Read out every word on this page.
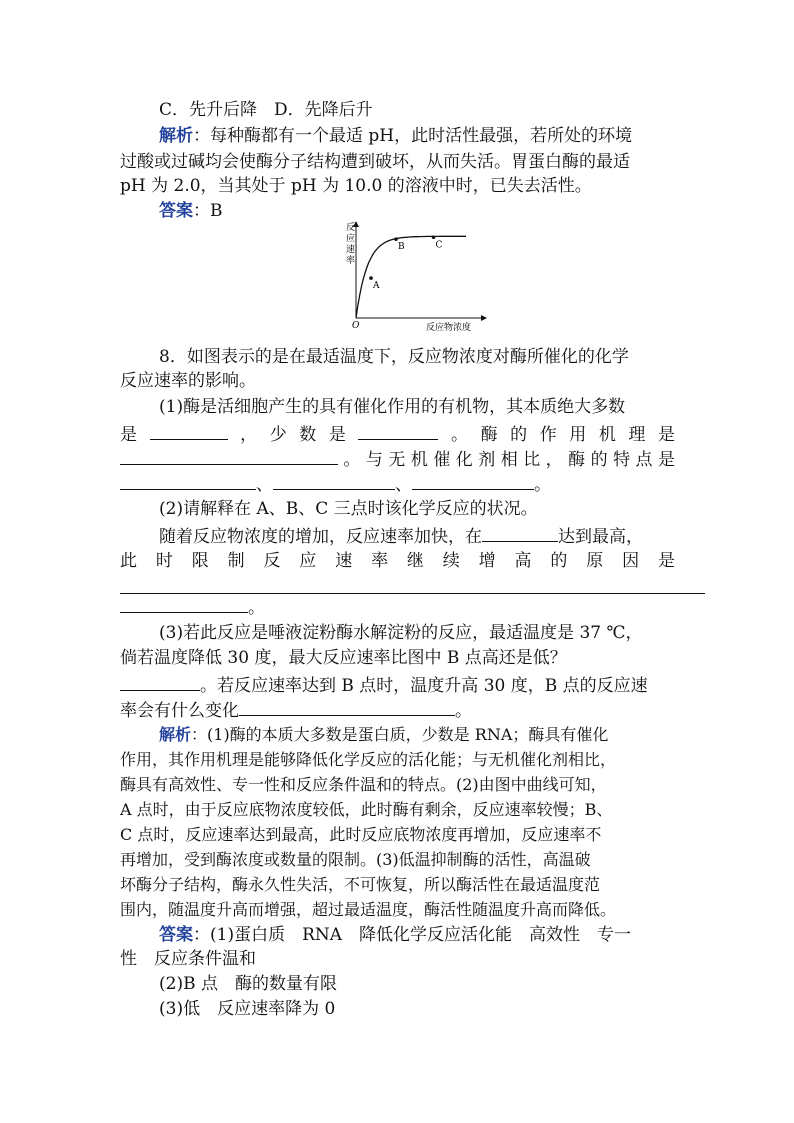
C．先升后降　D．先降后升
解析：每种酶都有一个最适 pH，此时活性最强，若所处的环境
过酸或过碱均会使酶分子结构遭到破坏，从而失活。胃蛋白酶的最适
pH 为 2.0，当其处于 pH 为 10.0 的溶液中时，已失去活性。
答案：B
反
应
速
率
O	反应物浓度
A
B	C
8．如图表示的是在最适温度下，反应物浓度对酶所催化的化学
反应速率的影响。
(1)酶是活细胞产生的具有催化作用的有机物，其本质绝大多数
是	，少数是	。酶的作用机理是
。与无机催化剂相比，酶的特点是
、	、	。
(2)请解释在 A、B、C 三点时该化学反应的状况。
随着反应物浓度的增加，反应速率加快，在	达到最高，
此时限制反应速率继续增高的原因是
。
(3)若此反应是唾液淀粉酶水解淀粉的反应，最适温度是 37 ℃，
倘若温度降低 30 度，最大反应速率比图中 B 点高还是低？
。若反应速率达到 B 点时，温度升高 30 度，B 点的反应速
率会有什么变化	。
解析：(1)酶的本质大多数是蛋白质，少数是 RNA；酶具有催化
作用，其作用机理是能够降低化学反应的活化能；与无机催化剂相比，
酶具有高效性、专一性和反应条件温和的特点。(2)由图中曲线可知，
A 点时，由于反应底物浓度较低，此时酶有剩余，反应速率较慢；B、
C 点时，反应速率达到最高，此时反应底物浓度再增加，反应速率不
再增加，受到酶浓度或数量的限制。(3)低温抑制酶的活性，高温破
坏酶分子结构，酶永久性失活，不可恢复，所以酶活性在最适温度范
围内，随温度升高而增强，超过最适温度，酶活性随温度升高而降低。
答案：(1)蛋白质　RNA　降低化学反应活化能　高效性　专一
性　反应条件温和
(2)B 点　酶的数量有限
(3)低　反应速率降为 0
